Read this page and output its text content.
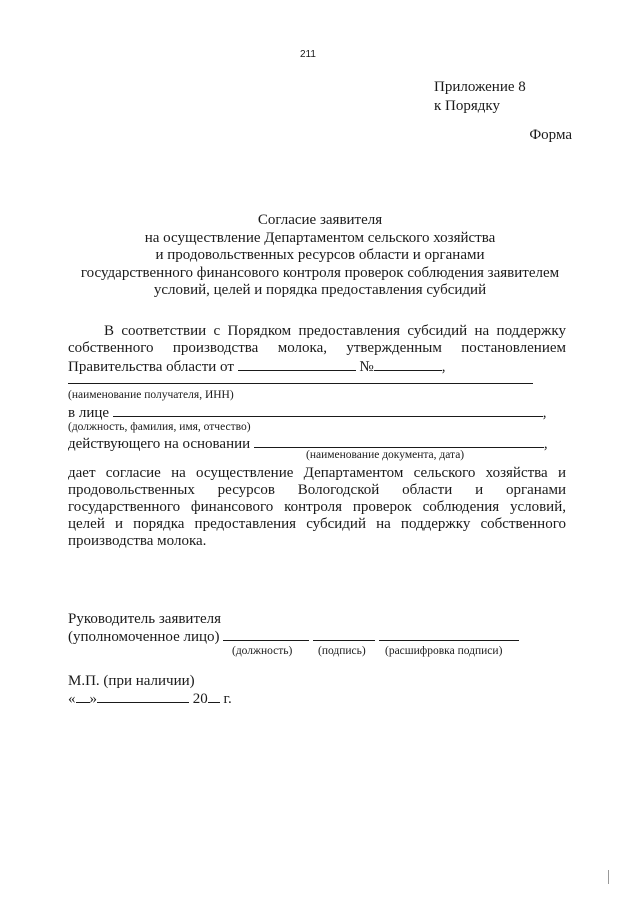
211
Приложение 8
к Порядку
Форма
Согласие заявителя
на осуществление Департаментом сельского хозяйства
и продовольственных ресурсов области и органами
государственного финансового контроля проверок соблюдения заявителем
условий, целей и порядка предоставления субсидий
В соответствии с Порядком предоставления субсидий на поддержку
собственного производства молока, утвержденным постановлением
Правительства области от	№	,
(наименование получателя, ИНН)
в лице	,
(должность, фамилия, имя, отчество)
действующего на основании	,
(наименование документа, дата)
дает согласие на осуществление Департаментом сельского хозяйства и
продовольственных ресурсов Вологодской области и органами
государственного финансового контроля проверок соблюдения условий,
целей и порядка предоставления субсидий на поддержку собственного
производства молока.
Руководитель заявителя
(уполномоченное лицо)
(должность) (подпись) (расшифровка подписи)
М.П. (при наличии)
« »	20 г.
